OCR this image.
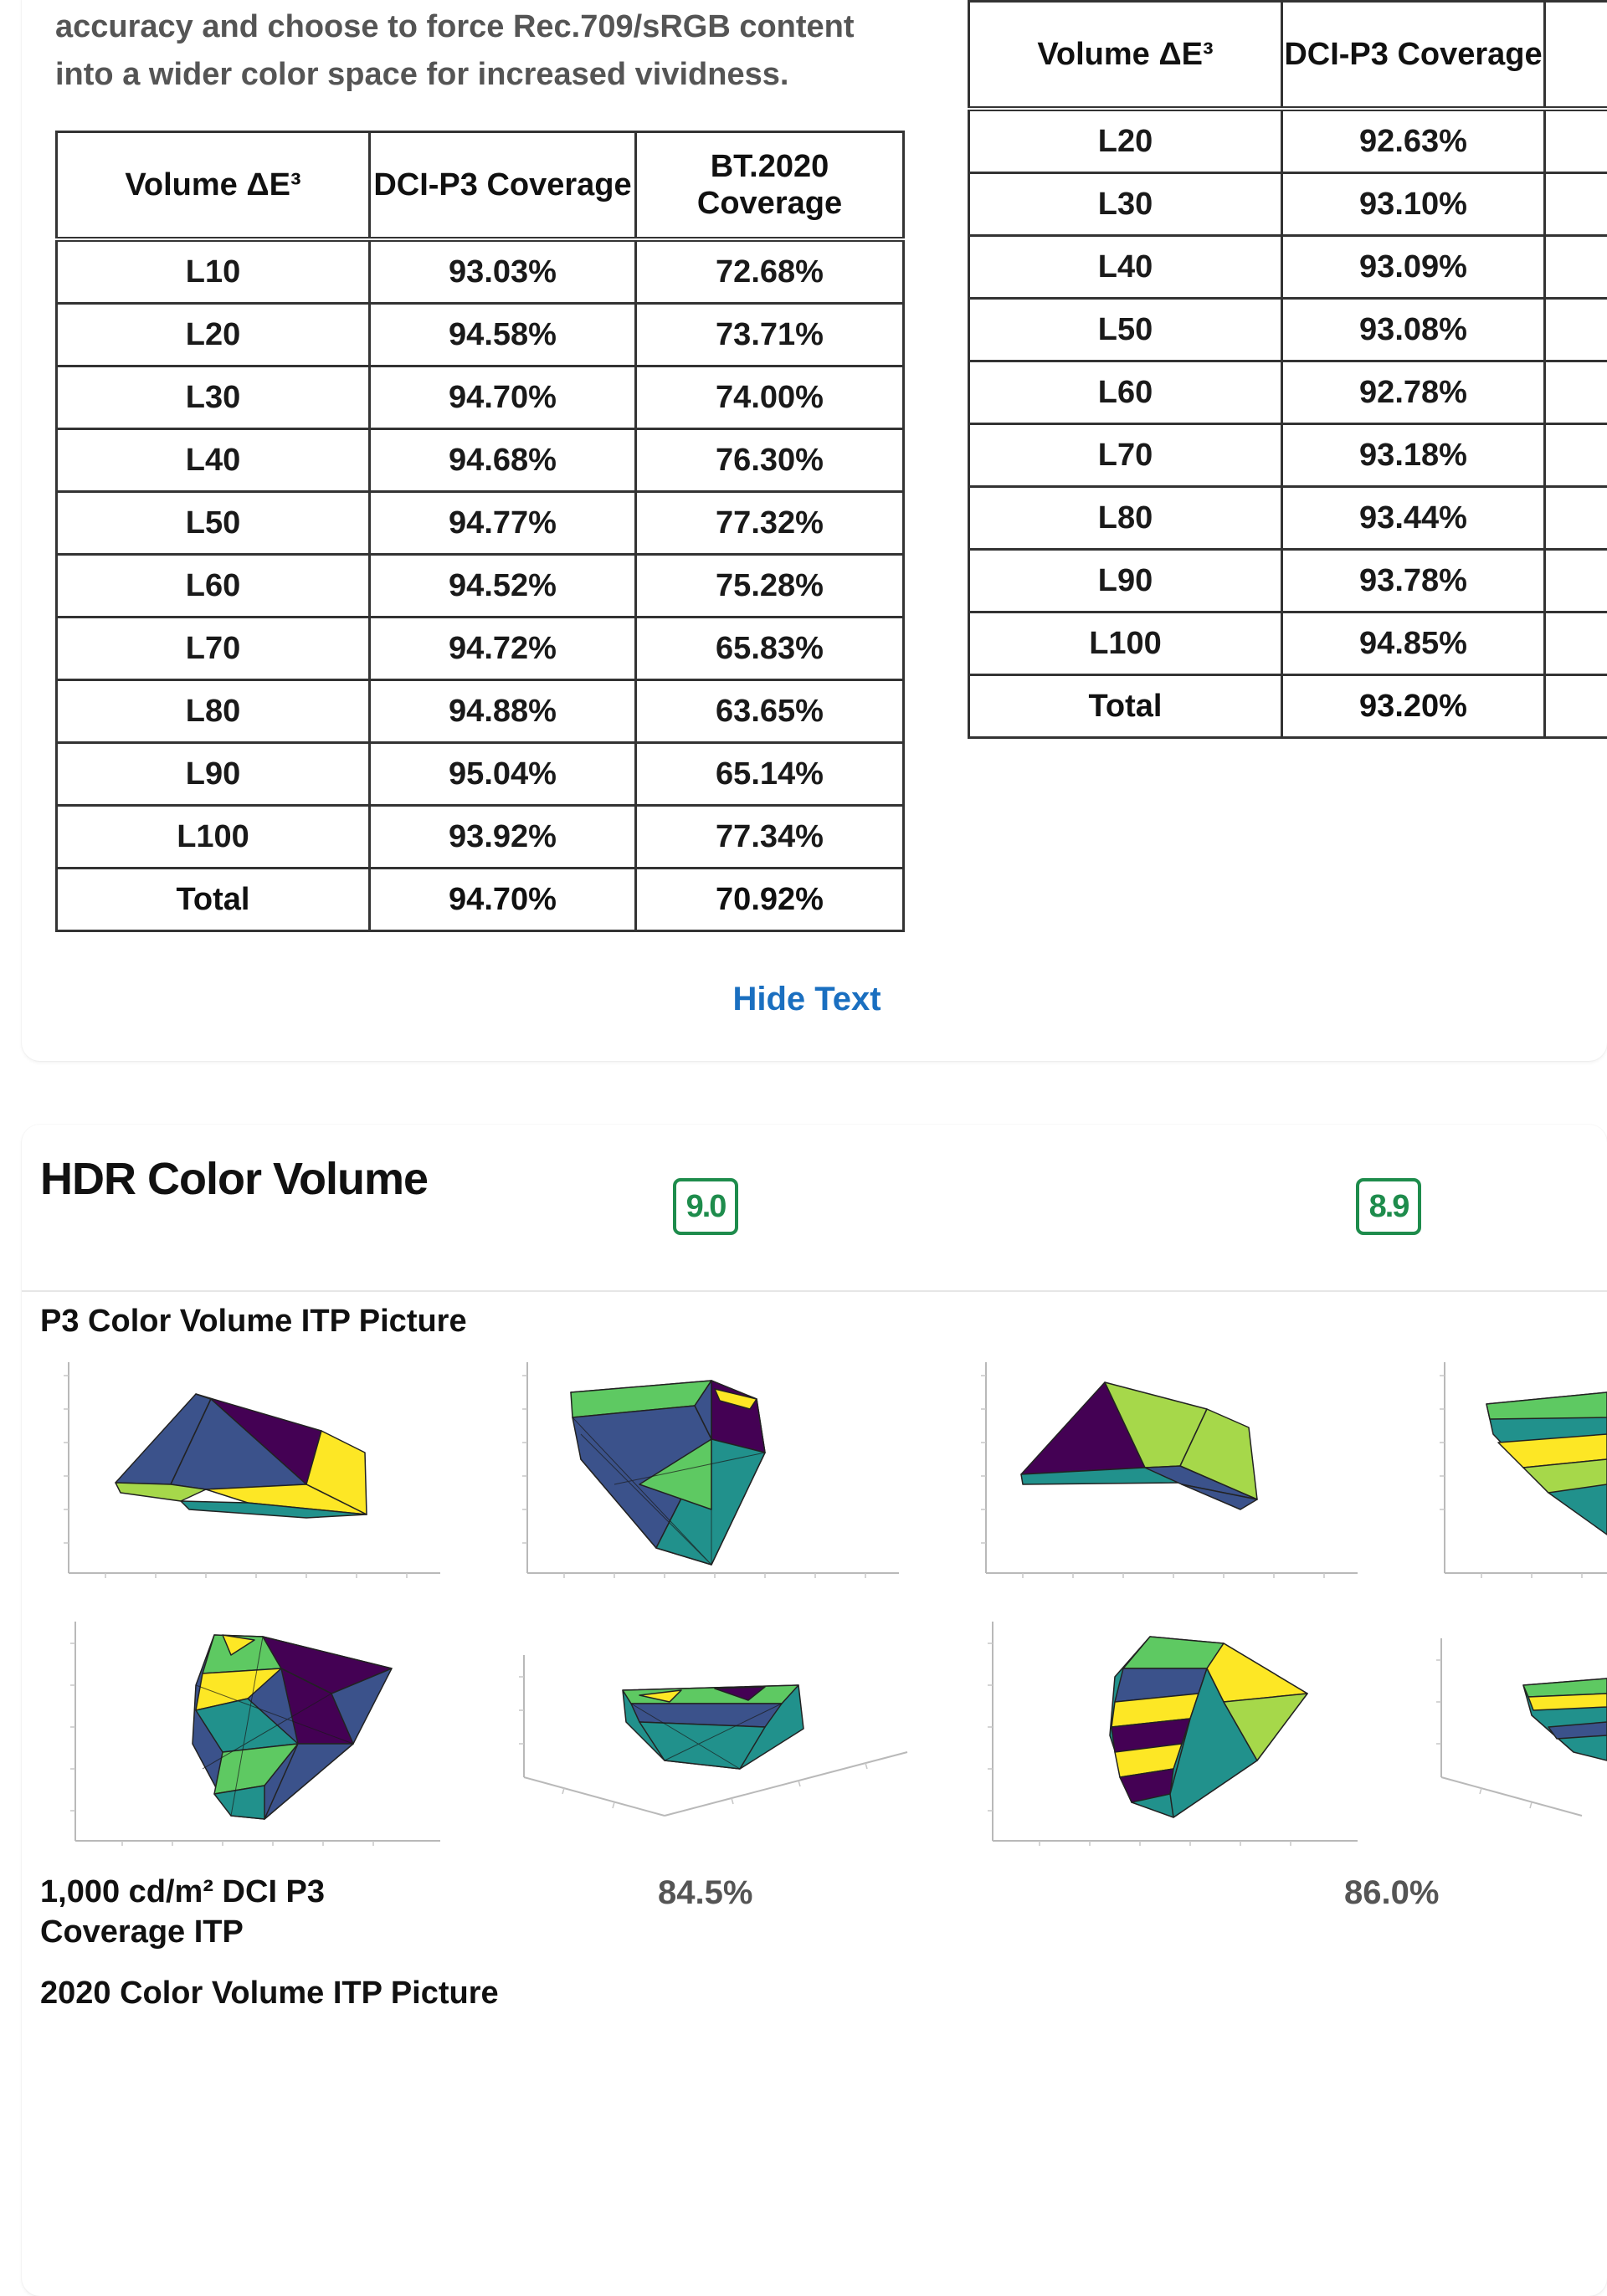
accuracy and choose to force Rec.709/sRGB content
into a wider color space for increased vividness.
Volume ΔE³	DCI-P3 Coverage	BT.2020 Coverage
L10	93.03%	72.68%
L20	94.58%	73.71%
L30	94.70%	74.00%
L40	94.68%	76.30%
L50	94.77%	77.32%
L60	94.52%	75.28%
L70	94.72%	65.83%
L80	94.88%	63.65%
L90	95.04%	65.14%
L100	93.92%	77.34%
Total	94.70%	70.92%
Volume ΔE³	DCI-P3 Coverage	
L20	92.63%	
L30	93.10%	
L40	93.09%	
L50	93.08%	
L60	92.78%	
L70	93.18%	
L80	93.44%	
L90	93.78%	
L100	94.85%	
Total	93.20%	
Hide Text
HDR Color Volume
9.0	8.9
P3 Color Volume ITP Picture
1,000 cd/m² DCI P3
Coverage ITP
84.5%	86.0%
2020 Color Volume ITP Picture
